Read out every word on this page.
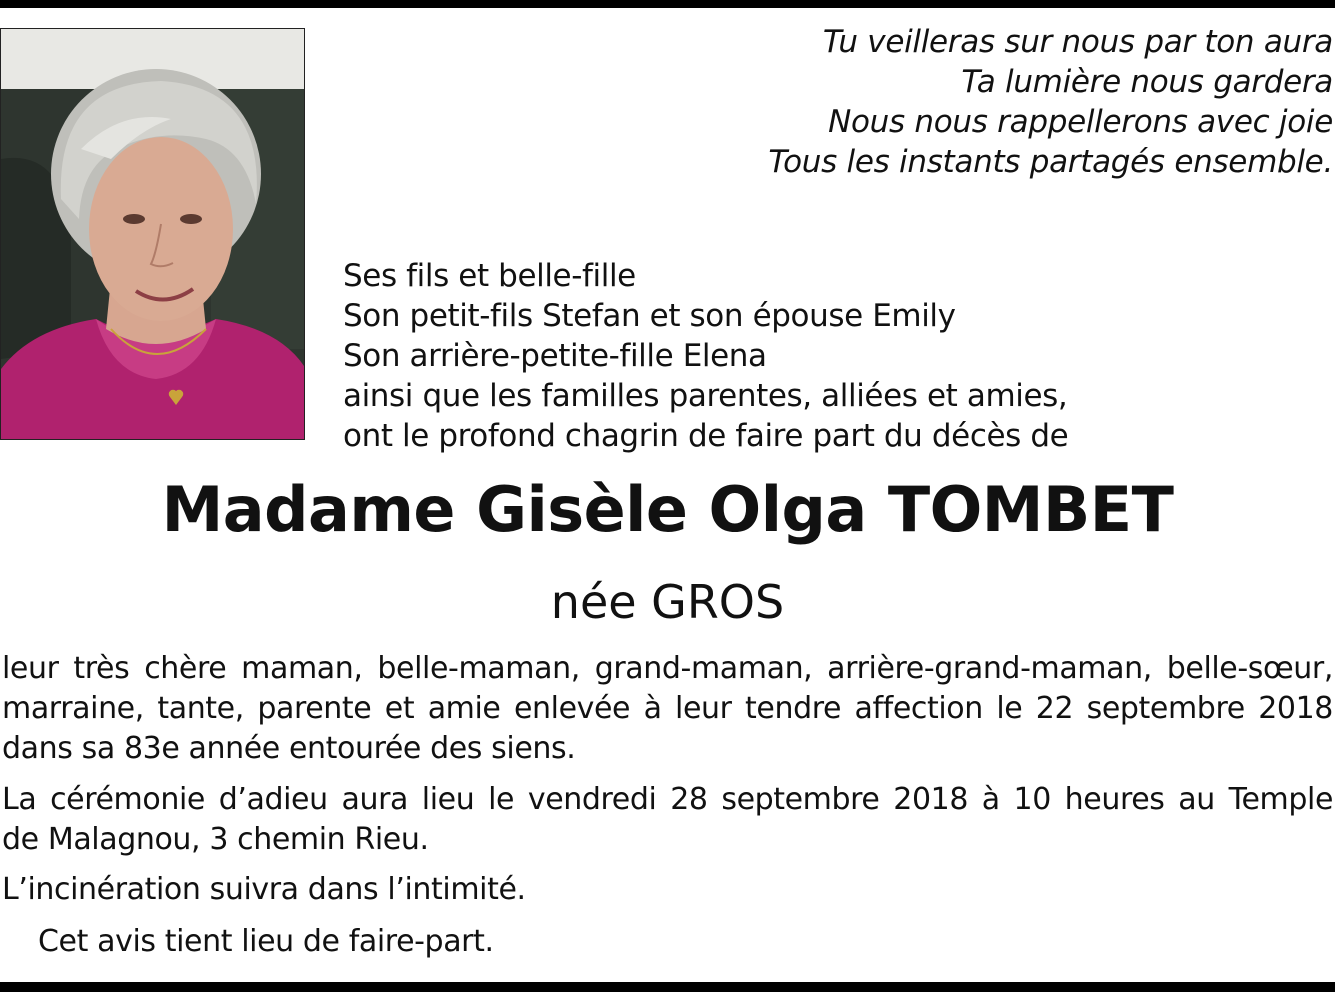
Tu veilleras sur nous par ton aura
Ta lumière nous gardera
Nous nous rappellerons avec joie
Tous les instants partagés ensemble.
Ses fils et belle-fille
Son petit-fils Stefan et son épouse Emily
Son arrière-petite-fille Elena
ainsi que les familles parentes, alliées et amies,
ont le profond chagrin de faire part du décès de
Madame Gisèle Olga TOMBET
née GROS
leur très chère maman, belle-maman, grand-maman, arrière-grand-maman, belle-sœur,
marraine, tante, parente et amie enlevée à leur tendre affection le 22 septembre 2018
dans sa 83e année entourée des siens.
La cérémonie d’adieu aura lieu le vendredi 28 septembre 2018 à 10 heures au Temple
de Malagnou, 3 chemin Rieu.
L’incinération suivra dans l’intimité.
Cet avis tient lieu de faire-part.
